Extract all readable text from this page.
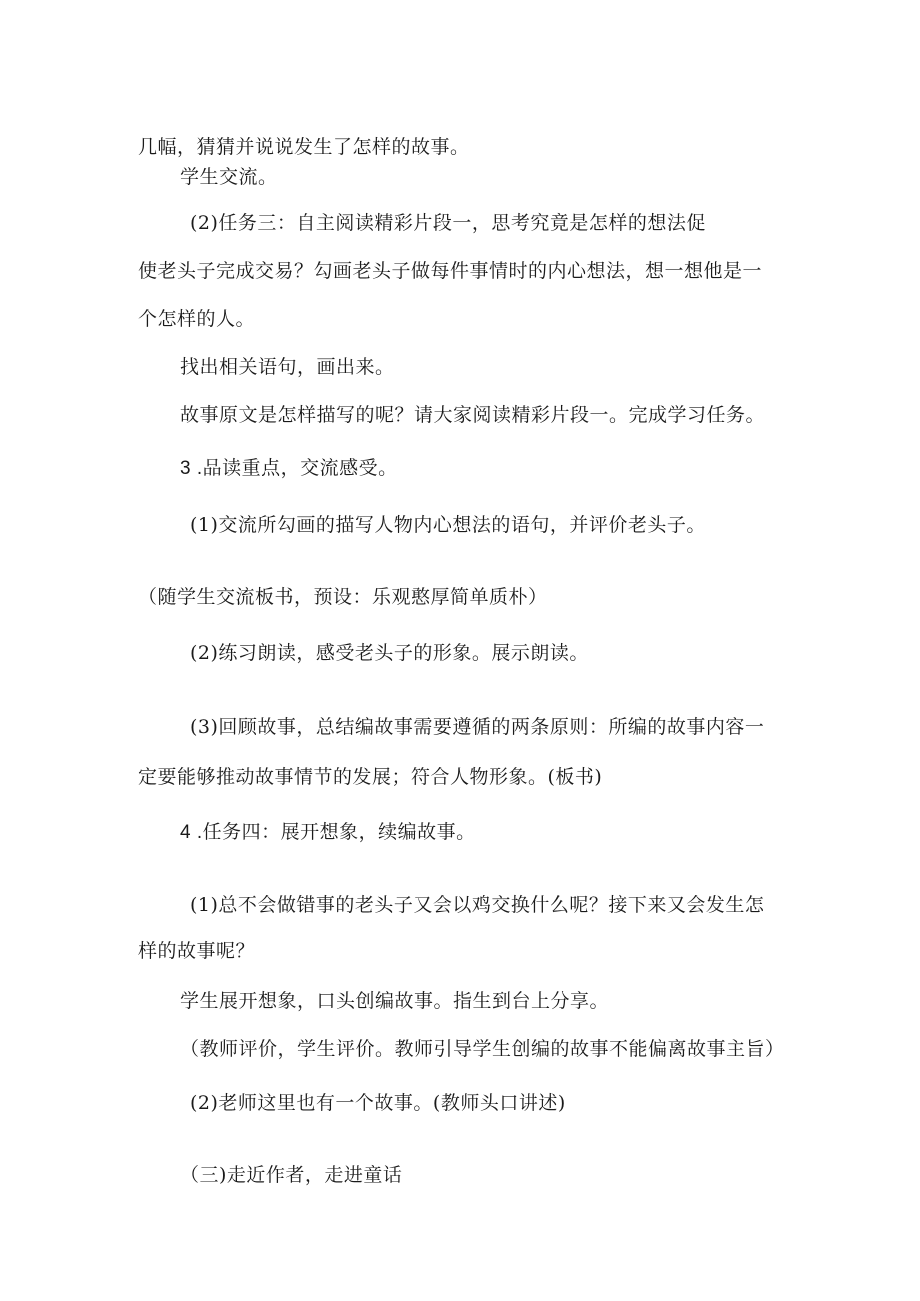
几幅，猜猜并说说发生了怎样的故事。

学生交流。

(2)任务三：自主阅读精彩片段一，思考究竟是怎样的想法促

使老头子完成交易？勾画老头子做每件事情时的内心想法，想一想他是一

个怎样的人。

找出相关语句，画出来。

故事原文是怎样描写的呢？请大家阅读精彩片段一。完成学习任务。

3 .品读重点，交流感受。

(1)交流所勾画的描写人物内心想法的语句，并评价老头子。

（随学生交流板书，预设：乐观憨厚简单质朴）

(2)练习朗读，感受老头子的形象。展示朗读。

(3)回顾故事，总结编故事需要遵循的两条原则：所编的故事内容一

定要能够推动故事情节的发展；符合人物形象。(板书)

4 .任务四：展开想象，续编故事。

(1)总不会做错事的老头子又会以鸡交换什么呢？接下来又会发生怎

样的故事呢？

学生展开想象，口头创编故事。指生到台上分享。

（教师评价，学生评价。教师引导学生创编的故事不能偏离故事主旨）

(2)老师这里也有一个故事。(教师头口讲述)

（三)走近作者，走进童话
